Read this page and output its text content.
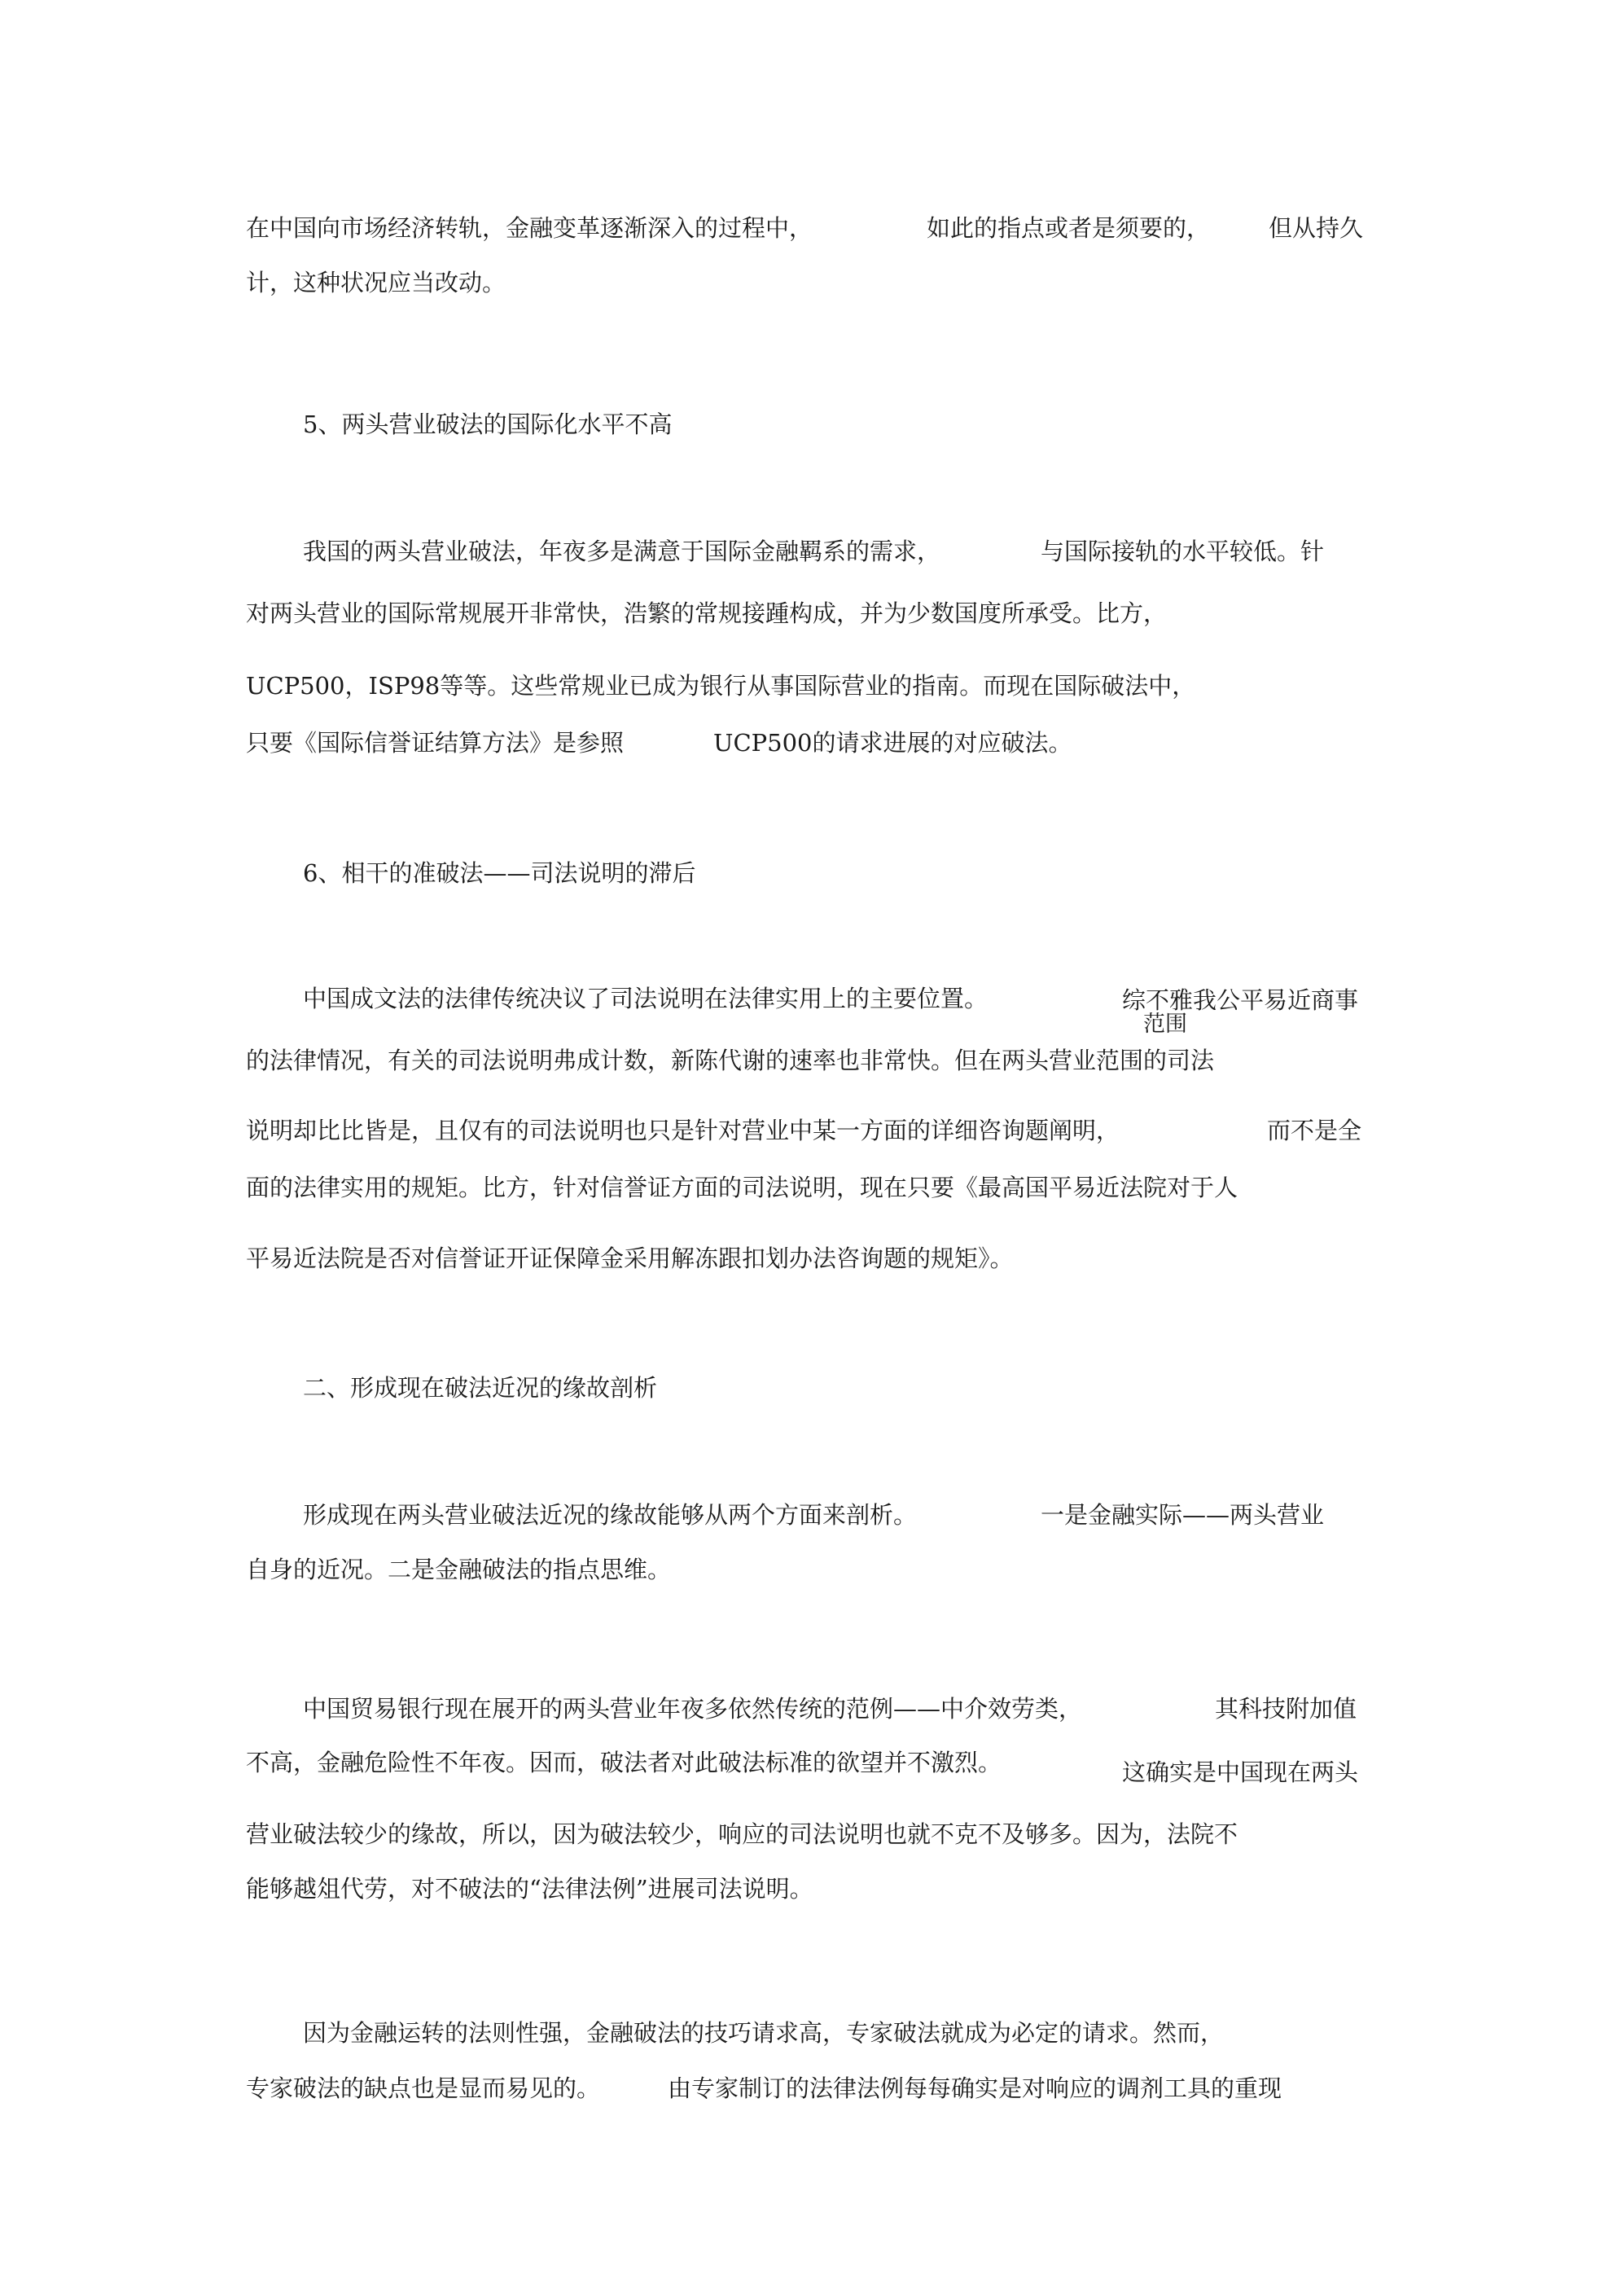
在中国向市场经济转轨，金融变革逐渐深入的过程中，	如此的指点或者是须要的， 但从持久
计，这种状况应当改动。
5、两头营业破法的国际化水平不高
我国的两头营业破法，年夜多是满意于国际金融羁系的需求，	与国际接轨的水平较低。针
对两头营业的国际常规展开非常快，浩繁的常规接踵构成，并为少数国度所承受。比方，
UCP500，ISP98等等。这些常规业已成为银行从事国际营业的指南。而现在国际破法中，
只要《国际信誉证结算方法》是参照	UCP500的请求进展的对应破法。
6、相干的准破法——司法说明的滞后
中国成文法的法律传统决议了司法说明在法律实用上的主要位置。	综不雅我公平易近商事
范围
的法律情况，有关的司法说明弗成计数，新陈代谢的速率也非常快。但在两头营业范围的司法
说明却比比皆是，且仅有的司法说明也只是针对营业中某一方面的详细咨询题阐明，	而不是全
面的法律实用的规矩。比方，针对信誉证方面的司法说明，现在只要《最高国平易近法院对于人
平易近法院是否对信誉证开证保障金采用解冻跟扣划办法咨询题的规矩》。
二、形成现在破法近况的缘故剖析
形成现在两头营业破法近况的缘故能够从两个方面来剖析。	一是金融实际——两头营业
自身的近况。二是金融破法的指点思维。
中国贸易银行现在展开的两头营业年夜多依然传统的范例——中介效劳类，	其科技附加值
不高，金融危险性不年夜。因而，破法者对此破法标准的欲望并不激烈。	这确实是中国现在两头
营业破法较少的缘故，所以，因为破法较少，响应的司法说明也就不克不及够多。因为，法院不
能够越俎代劳，对不破法的“法律法例”进展司法说明。
因为金融运转的法则性强，金融破法的技巧请求高，专家破法就成为必定的请求。然而，
专家破法的缺点也是显而易见的。	由专家制订的法律法例每每确实是对响应的调剂工具的重现
